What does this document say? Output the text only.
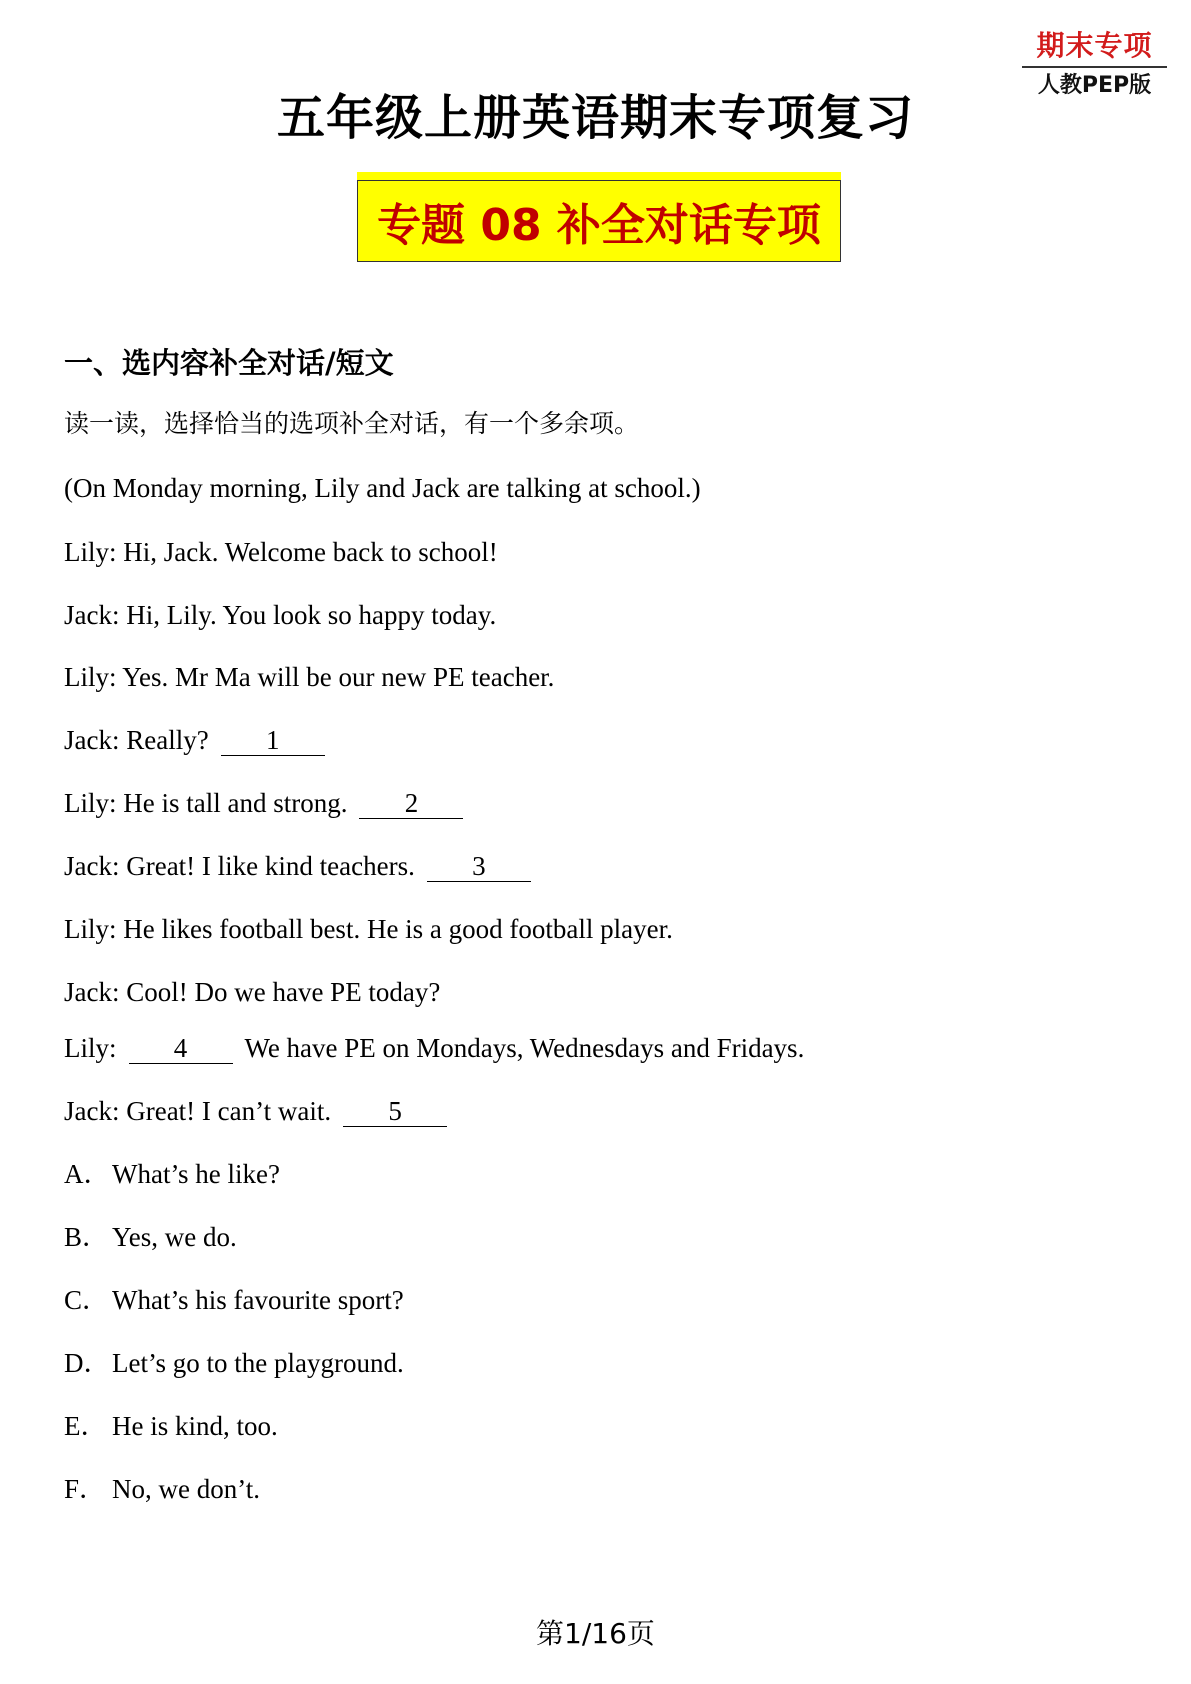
期末专项
人教PEP版
五年级上册英语期末专项复习
专题 08 补全对话专项
一、选内容补全对话/短文
读一读，选择恰当的选项补全对话，有一个多余项。
(On Monday morning, Lily and Jack are talking at school.)
Lily: Hi, Jack. Welcome back to school!
Jack: Hi, Lily. You look so happy today.
Lily: Yes. Mr Ma will be our new PE teacher.
Jack: Really? 1
Lily: He is tall and strong. 2
Jack: Great! I like kind teachers. 3
Lily: He likes football best. He is a good football player.
Jack: Cool! Do we have PE today?
Lily: 4 We have PE on Mondays, Wednesdays and Fridays.
Jack: Great! I can’t wait. 5
A．What’s he like?
B． Yes, we do.
C． What’s his favourite sport?
D．Let’s go to the playground.
E． He is kind, too.
F． No, we don’t.
第1/16页
